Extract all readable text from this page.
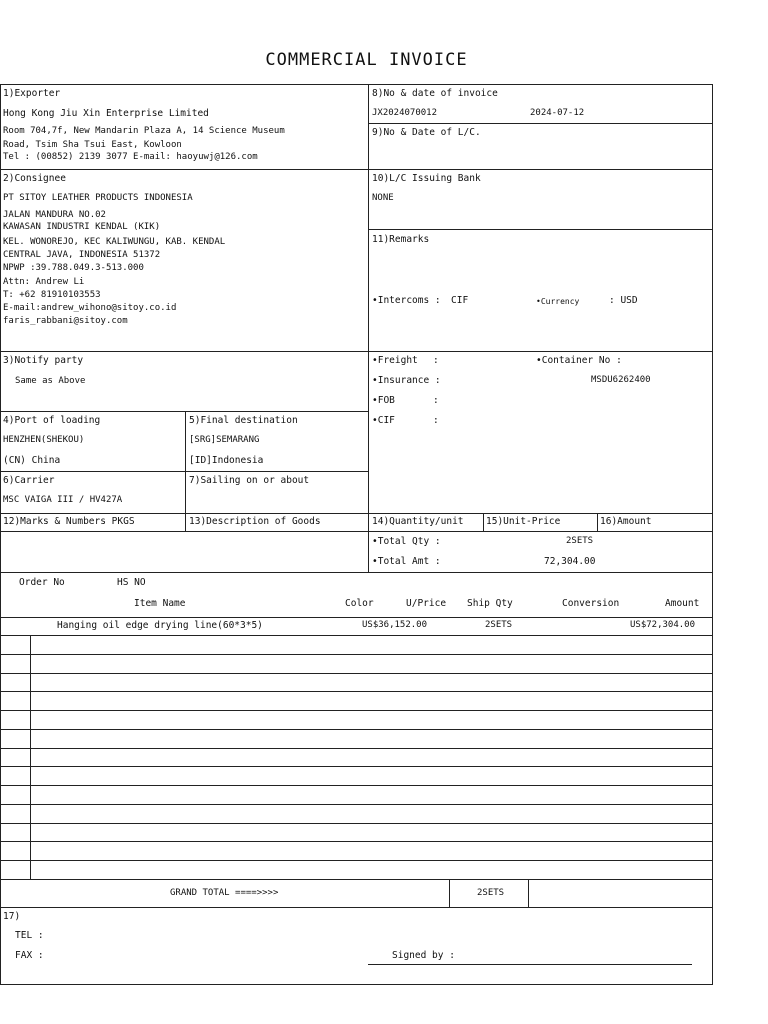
COMMERCIAL INVOICE
1)Exporter
Hong Kong Jiu Xin Enterprise Limited
Room 704,7f, New Mandarin Plaza A, 14 Science Museum
Road, Tsim Sha Tsui East, Kowloon
Tel : (00852) 2139 3077 E-mail: haoyuwj@126.com
8)No & date of invoice
JX2024070012	2024-07-12
9)No & Date of L/C.
2)Consignee
PT SITOY LEATHER PRODUCTS INDONESIA
JALAN MANDURA NO.02
KAWASAN INDUSTRI KENDAL (KIK)
KEL. WONOREJO, KEC KALIWUNGU, KAB. KENDAL
CENTRAL JAVA, INDONESIA 51372
NPWP :39.788.049.3-513.000
Attn: Andrew Li
T: +62 81910103553
E-mail:andrew_wihono@sitoy.co.id
faris_rabbani@sitoy.com
10)L/C Issuing Bank
NONE
11)Remarks
•Intercoms : CIF	•Currency	: USD
•Freight :	•Container No :
MSDU6262400
•Insurance :
•FOB	:
•CIF	:
3)Notify party
Same as Above
4)Port of loading
HENZHEN(SHEKOU)
(CN) China
5)Final destination
[SRG]SEMARANG
[ID]Indonesia
6)Carrier
MSC VAIGA III / HV427A
7)Sailing on or about
12)Marks & Numbers PKGS	13)Description of Goods	14)Quantity/unit 15)Unit-Price	16)Amount
•Total Qty :	2SETS
•Total Amt :	72,304.00
Order No	HS NO
Item Name	Color	U/Price Ship Qty	Conversion	Amount
Hanging oil edge drying line(60*3*5)	US$36,152.00	2SETS	US$72,304.00
GRAND TOTAL ====>>>>	2SETS
17)
TEL :
FAX :	Signed by :
